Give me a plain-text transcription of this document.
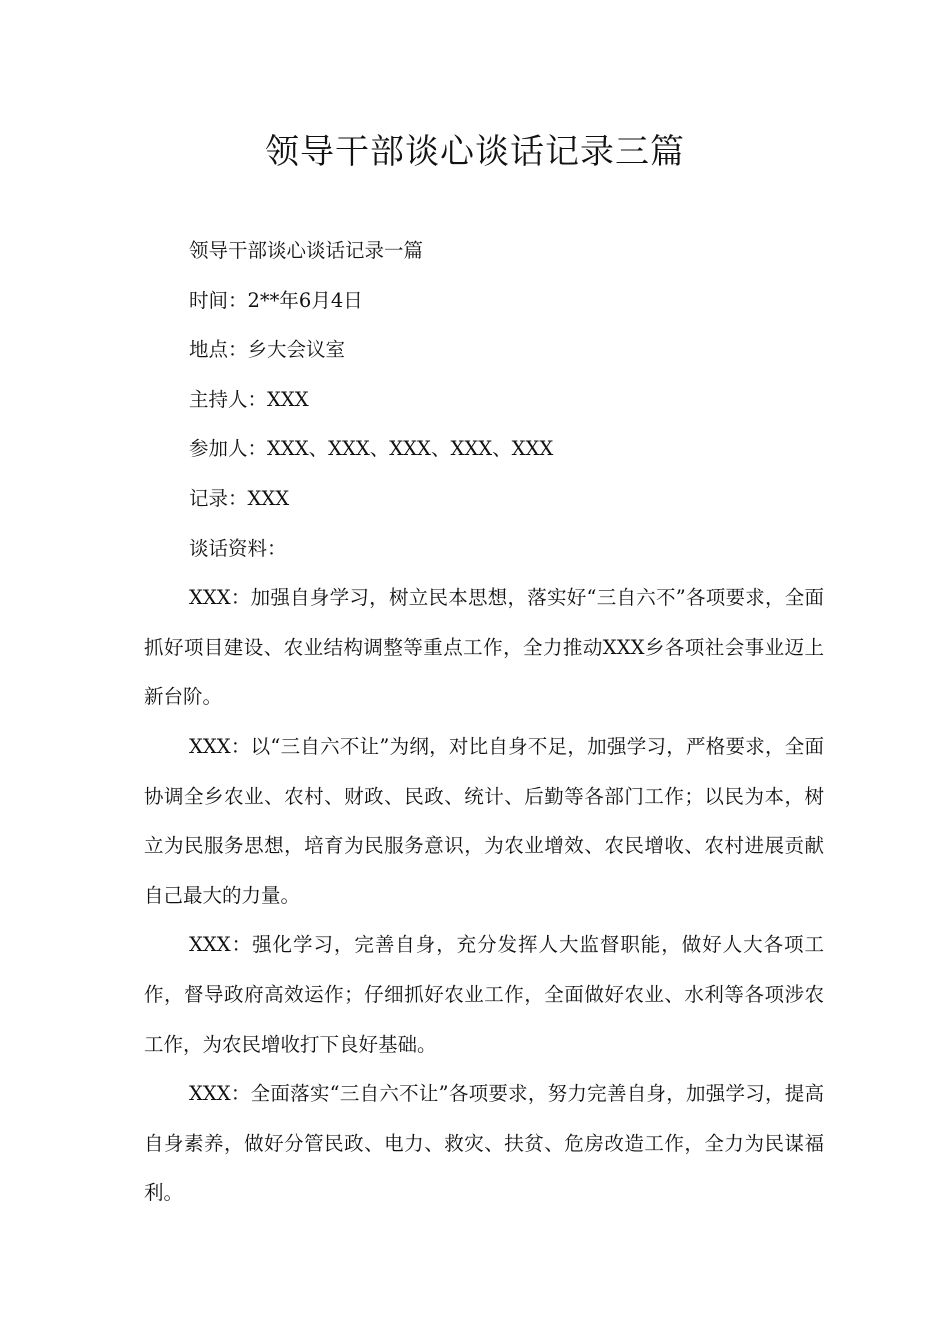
领导干部谈心谈话记录三篇

领导干部谈心谈话记录一篇

时间：2**年6月4日

地点：乡大会议室

主持人：XXX

参加人：XXX、XXX、XXX、XXX、XXX

记录：XXX

谈话资料：

XXX：加强自身学习，树立民本思想，落实好“三自六不”各项要求，全面抓好项目建设、农业结构调整等重点工作，全力推动XXX乡各项社会事业迈上新台阶。

XXX：以“三自六不让”为纲，对比自身不足，加强学习，严格要求，全面协调全乡农业、农村、财政、民政、统计、后勤等各部门工作；以民为本，树立为民服务思想，培育为民服务意识，为农业增效、农民增收、农村进展贡献自己最大的力量。

XXX：强化学习，完善自身，充分发挥人大监督职能，做好人大各项工作，督导政府高效运作；仔细抓好农业工作，全面做好农业、水利等各项涉农工作，为农民增收打下良好基础。

XXX：全面落实“三自六不让”各项要求，努力完善自身，加强学习，提高自身素养，做好分管民政、电力、救灾、扶贫、危房改造工作，全力为民谋福利。
